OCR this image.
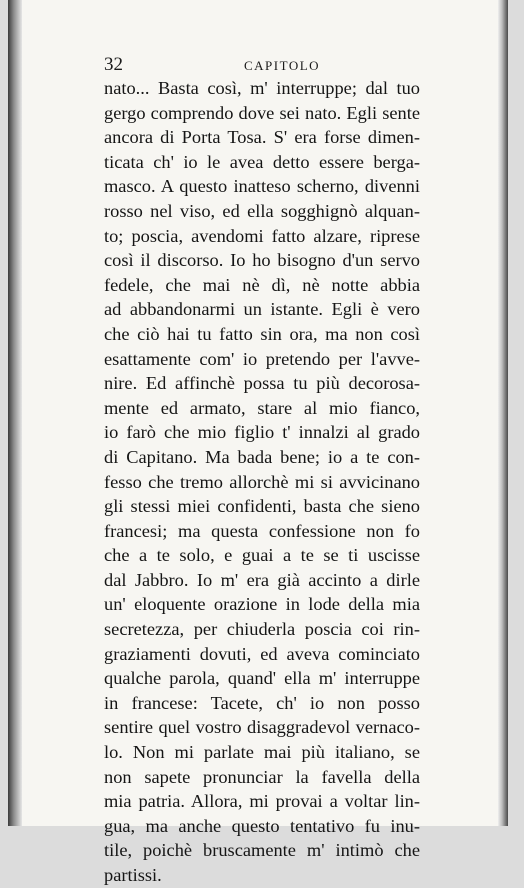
32	CAPITOLO
nato... Basta così, m' interruppe; dal tuo
gergo comprendo dove sei nato. Egli sente
ancora di Porta Tosa. S' era forse dimen-
ticata ch' io le avea detto essere berga-
masco. A questo inatteso scherno, divenni
rosso nel viso, ed ella sogghignò alquan-
to; poscia, avendomi fatto alzare, riprese
così il discorso. Io ho bisogno d'un servo
fedele, che mai nè dì, nè notte abbia
ad abbandonarmi un istante. Egli è vero
che ciò hai tu fatto sin ora, ma non così
esattamente com' io pretendo per l'avve-
nire. Ed affinchè possa tu più decorosa-
mente ed armato, stare al mio fianco,
io farò che mio figlio t' innalzi al grado
di Capitano. Ma bada bene; io a te con-
fesso che tremo allorchè mi si avvicinano
gli stessi miei confidenti, basta che sieno
francesi; ma questa confessione non fo
che a te solo, e guai a te se ti uscisse
dal Jabbro. Io m' era già accinto a dirle
un' eloquente orazione in lode della mia
secretezza, per chiuderla poscia coi rin-
graziamenti dovuti, ed aveva cominciato
qualche parola, quand' ella m' interruppe
in francese: Tacete, ch' io non posso
sentire quel vostro disaggradevol vernaco-
lo. Non mi parlate mai più italiano, se
non sapete pronunciar la favella della
mia patria. Allora, mi provai a voltar lin-
gua, ma anche questo tentativo fu inu-
tile, poichè bruscamente m' intimò che
partissi.
